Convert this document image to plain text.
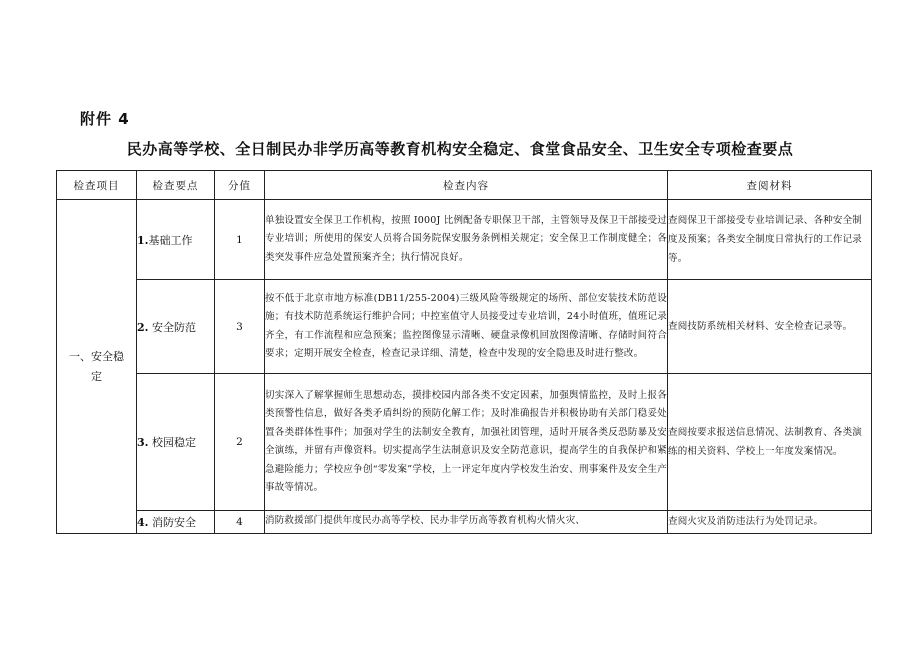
附件 4
民办高等学校、全日制民办非学历高等教育机构安全稳定、食堂食品安全、卫生安全专项检查要点
检查项目	检查要点	分值	检查内容	查阅材料

一、安全稳定	1.基础工作	1	单独设置安全保卫工作机构，按照 I000J 比例配备专职保卫干部，主管领导及保卫干部接受过专业培训；所使用的保安人员将合国务院保安服务条例相关规定；安全保卫工作制度健全；各类突发事件应急处置预案齐全；执行情况良好。	查阅保卫干部接受专业培训记录、各种安全制度及预案；各类安全制度日常执行的工作记录等。
	2. 安全防范	3	按不低于北京市地方标准(DB11/255-2004)三级风险等级规定的场所、部位安装技术防范设施；有技术防范系统运行维护合同；中控室值守人员接受过专业培训，24小时值班，值班记录齐全，有工作流程和应急预案；监控图像显示清晰、硬盘录像机回放图像清晰、存储时间符合要求；定期开展安全检查，检查记录详细、清楚，检查中发现的安全隐患及时进行整改。	查阅技防系统相关材料、安全检查记录等。
	3. 校园稳定	2	切实深入了解掌握师生思想动态，摸排校园内部各类不安定因素，加强舆情监控，及时上报各类预警性信息，做好各类矛盾纠纷的预防化解工作；及时准确报告并积极协助有关部门稳妥处置各类群体性事件；加强对学生的法制安全教育，加强社团管理，适时开展各类反恐防暴及安全演练，并留有声像资料。切实提高学生法制意识及安全防范意识，提高学生的自我保护和紧急避险能力；学校应争创“零发案”学校，上一评定年度内学校发生治安、刑事案件及安全生产事故等情况。	查阅按要求报送信息情况、法制教育、各类演练的相关资料、学校上一年度发案情况。
	4. 消防安全	4	消防救援部门提供年度民办高等学校、民办非学历高等教育机构火情火灾、	查阅火灾及消防违法行为处罚记录。
